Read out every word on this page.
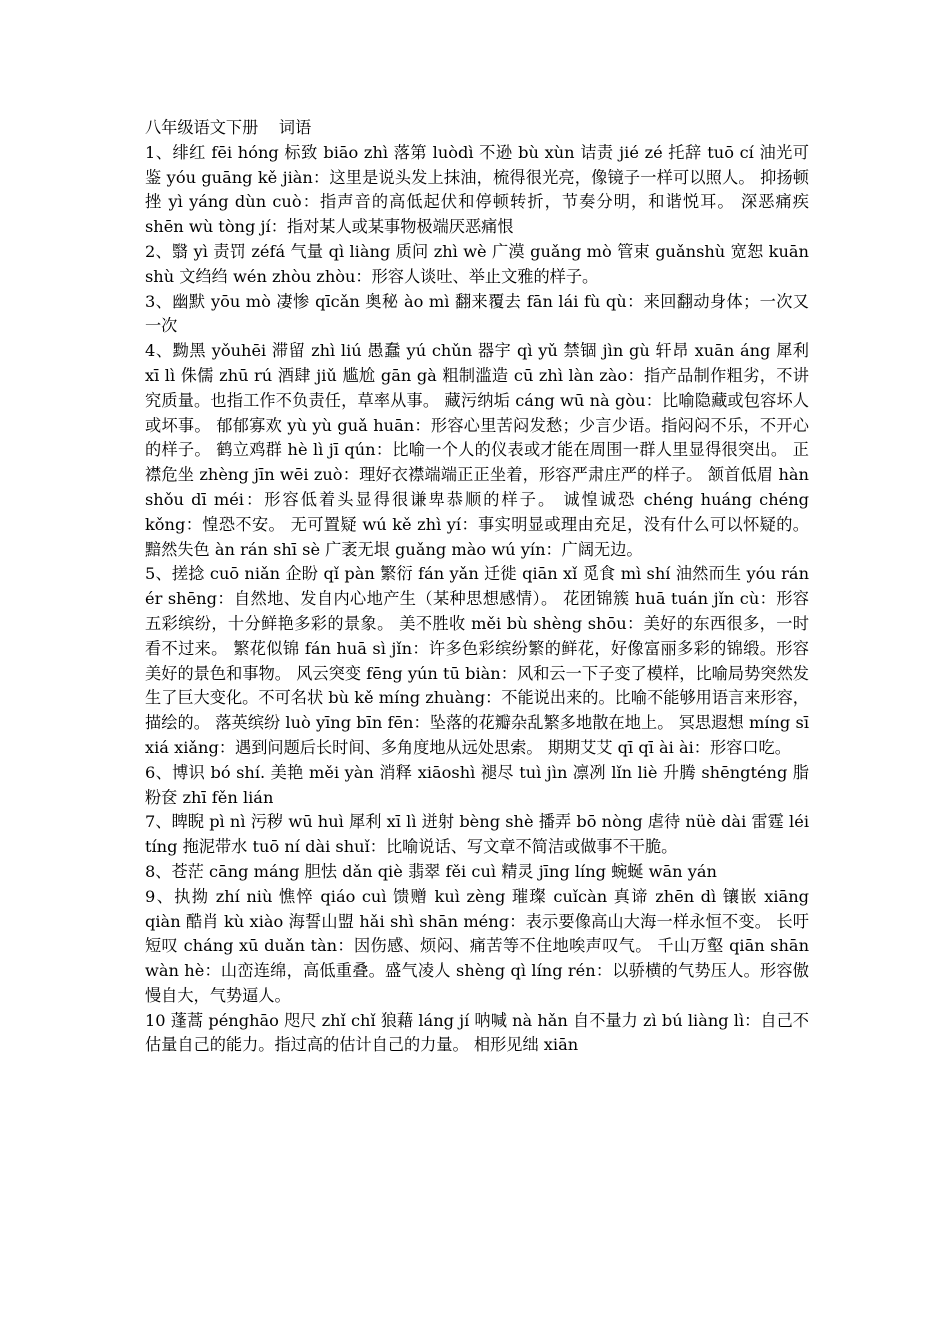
八年级语文下册    词语

1、绯红 fēi hóng 标致 biāo zhì 落第 luòdì 不逊 bù xùn 诘责 jié zé 托辞 tuō cí 油光可鉴 yóu guāng kě jiàn：这里是说头发上抹油，梳得很光亮，像镜子一样可以照人。 抑扬顿挫 yì yáng dùn cuò：指声音的高低起伏和停顿转折，节奏分明，和谐悦耳。 深恶痛疾 shēn wù tòng jí：指对某人或某事物极端厌恶痛恨

2、翳 yì 责罚 zéfá 气量 qì liàng 质问 zhì wè 广漠 guǎng mò 管束 guǎnshù 宽恕 kuān shù 文绉绉 wén zhòu zhòu：形容人谈吐、举止文雅的样子。

3、幽默 yōu mò 凄惨 qīcǎn 奥秘 ào mì 翻来覆去 fān lái fù qù：来回翻动身体；一次又一次

4、黝黑 yǒuhēi 滞留 zhì liú 愚蠢 yú chǔn 器宇 qì yǔ 禁锢 jìn gù 轩昂 xuān áng 犀利 xī lì 侏儒 zhū rú 酒肆 jiǔ 尴尬 gān gà 粗制滥造 cū zhì làn zào：指产品制作粗劣，不讲究质量。也指工作不负责任，草率从事。 藏污纳垢 cáng wū nà gòu：比喻隐藏或包容坏人或坏事。 郁郁寡欢 yù yù guǎ huān：形容心里苦闷发愁；少言少语。指闷闷不乐，不开心的样子。 鹤立鸡群 hè lì jī qún：比喻一个人的仪表或才能在周围一群人里显得很突出。 正襟危坐 zhèng jīn wēi zuò：理好衣襟端端正正坐着，形容严肃庄严的样子。 颔首低眉 hàn shǒu dī méi：形容低着头显得很谦卑恭顺的样子。 诚惶诚恐 chéng huáng chéng kǒng：惶恐不安。 无可置疑 wú kě zhì yí：事实明显或理由充足，没有什么可以怀疑的。 黯然失色 àn rán shī sè 广袤无垠 guǎng mào wú yín：广阔无边。

5、搓捻 cuō niǎn 企盼 qǐ pàn 繁衍 fán yǎn 迁徙 qiān xǐ 觅食 mì shí 油然而生 yóu rán ér shēng：自然地、发自内心地产生（某种思想感情）。 花团锦簇 huā tuán jǐn cù：形容五彩缤纷，十分鲜艳多彩的景象。 美不胜收 měi bù shèng shōu：美好的东西很多，一时看不过来。 繁花似锦 fán huā sì jǐn：许多色彩缤纷繁的鲜花，好像富丽多彩的锦缎。形容美好的景色和事物。 风云突变 fēng yún tū biàn：风和云一下子变了模样，比喻局势突然发生了巨大变化。不可名状 bù kě míng zhuàng：不能说出来的。比喻不能够用语言来形容，描绘的。 落英缤纷 luò yīng bīn fēn：坠落的花瓣杂乱繁多地散在地上。 冥思遐想 míng sī xiá xiǎng：遇到问题后长时间、多角度地从远处思索。 期期艾艾 qī qī ài ài：形容口吃。

6、博识 bó shí. 美艳 měi yàn 消释 xiāoshì 褪尽 tuì jìn 凛冽 lǐn liè 升腾 shēngténg 脂粉奁 zhī fěn lián

7、睥睨 pì nì 污秽 wū huì 犀利 xī lì 迸射 bèng shè 播弄 bō nòng 虐待 nüè dài 雷霆 léi tíng 拖泥带水 tuō ní dài shuǐ：比喻说话、写文章不简洁或做事不干脆。

8、苍茫 cāng máng 胆怯 dǎn qiè 翡翠 fěi cuì 精灵 jīng líng 蜿蜒 wān yán

9、执拗 zhí niù 憔悴 qiáo cuì 馈赠 kuì zèng 璀璨 cuǐcàn 真谛 zhēn dì 镶嵌 xiāng qiàn 酷肖 kù xiào 海誓山盟 hǎi shì shān méng：表示要像高山大海一样永恒不变。 长吁短叹 cháng xū duǎn tàn：因伤感、烦闷、痛苦等不住地唉声叹气。 千山万壑 qiān shān wàn hè：山峦连绵，高低重叠。盛气凌人 shèng qì líng rén：以骄横的气势压人。形容傲慢自大，气势逼人。

10 蓬蒿 pénghāo 咫尺 zhǐ chǐ 狼藉 láng jí 呐喊 nà hǎn 自不量力 zì bú liàng lì：自己不估量自己的能力。指过高的估计自己的力量。 相形见绌 xiān
